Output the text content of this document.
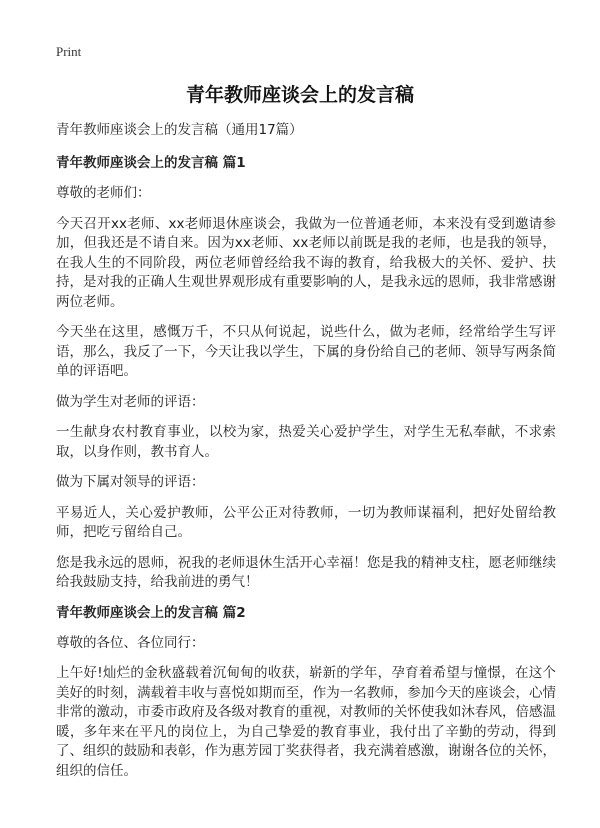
Print
青年教师座谈会上的发言稿

青年教师座谈会上的发言稿（通用17篇）

青年教师座谈会上的发言稿 篇1

尊敬的老师们：

今天召开xx老师、xx老师退休座谈会，我做为一位普通老师，本来没有受到邀请参加，但我还是不请自来。因为xx老师、xx老师以前既是我的老师，也是我的领导，在我人生的不同阶段，两位老师曾经给我不诲的教育，给我极大的关怀、爱护、扶持，是对我的正确人生观世界观形成有重要影响的人，是我永远的恩师，我非常感谢两位老师。

今天坐在这里，感慨万千，不只从何说起，说些什么，做为老师，经常给学生写评语，那么，我反了一下，今天让我以学生，下属的身份给自己的老师、领导写两条简单的评语吧。

做为学生对老师的评语：

一生献身农村教育事业，以校为家，热爱关心爱护学生，对学生无私奉献，不求索取，以身作则，教书育人。

做为下属对领导的评语：

平易近人，关心爱护教师，公平公正对待教师，一切为教师谋福利，把好处留给教师，把吃亏留给自己。

您是我永远的恩师，祝我的老师退休生活开心幸福！您是我的精神支柱，愿老师继续给我鼓励支持，给我前进的勇气！

青年教师座谈会上的发言稿 篇2

尊敬的各位、各位同行：

上午好!灿烂的金秋盛载着沉甸甸的收获，崭新的学年，孕育着希望与憧憬，在这个美好的时刻，满载着丰收与喜悦如期而至，作为一名教师，参加今天的座谈会，心情非常的激动，市委市政府及各级对教育的重视，对教师的关怀使我如沐春风，倍感温暖，多年来在平凡的岗位上，为自己挚爱的教育事业，我付出了辛勤的劳动，得到了、组织的鼓励和表彰，作为惠芳园丁奖获得者，我充满着感激，谢谢各位的关怀，组织的信任。
